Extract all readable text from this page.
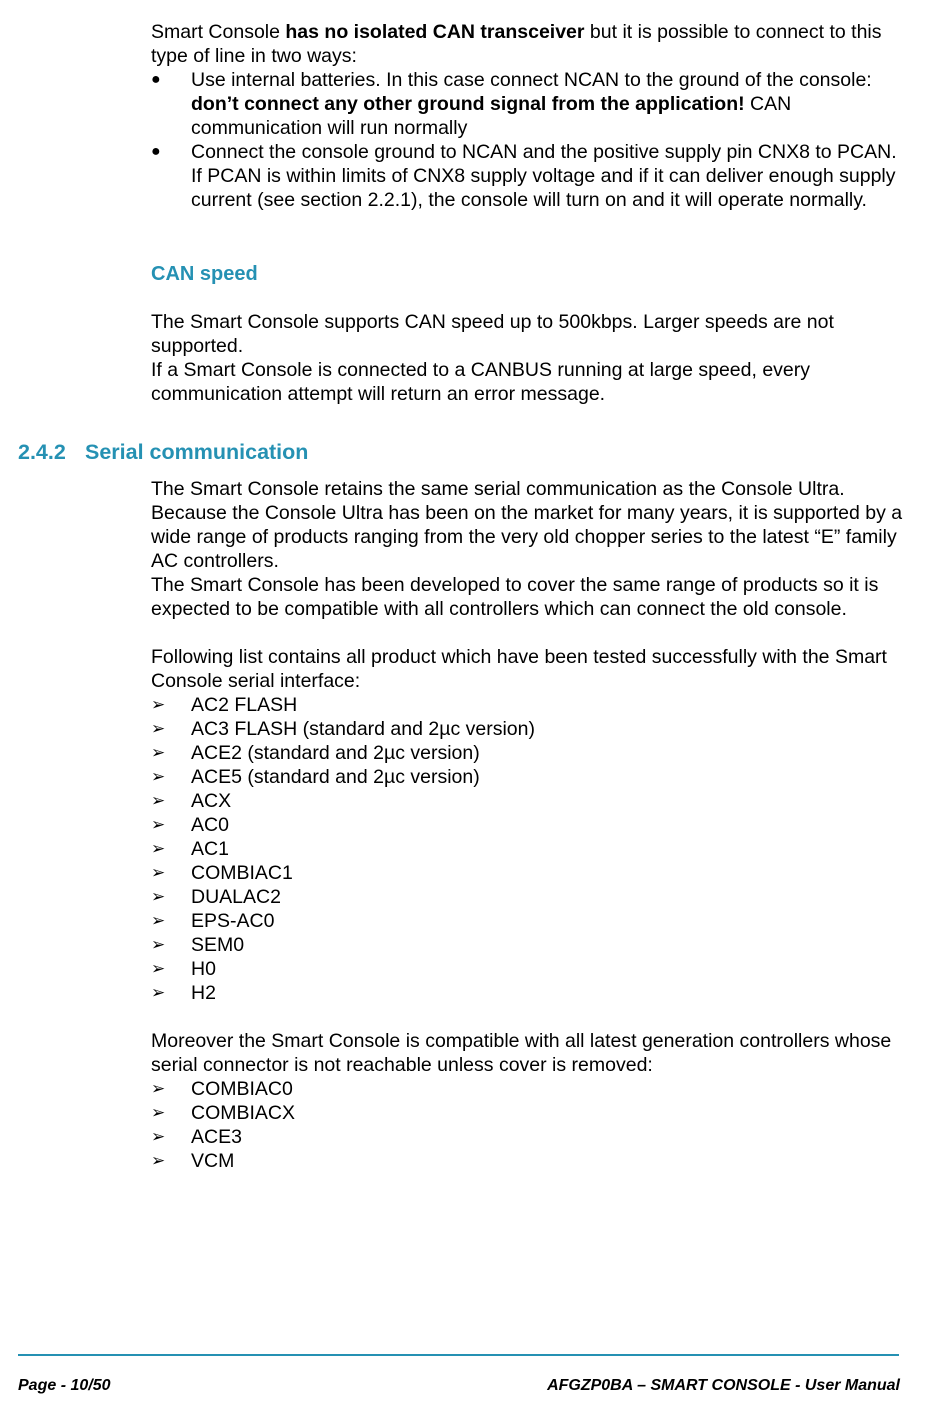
Smart Console has no isolated CAN transceiver but it is possible to connect to this type of line in two ways:

●	Use internal batteries. In this case connect NCAN to the ground of the console: don’t connect any other ground signal from the application! CAN communication will run normally
●	Connect the console ground to NCAN and the positive supply pin CNX8 to PCAN. If PCAN is within limits of CNX8 supply voltage and if it can deliver enough supply current (see section 2.2.1), the console will turn on and it will operate normally.

CAN speed

The Smart Console supports CAN speed up to 500kbps. Larger speeds are not supported.

If a Smart Console is connected to a CANBUS running at large speed, every communication attempt will return an error message.

2.4.2 Serial communication

The Smart Console retains the same serial communication as the Console Ultra. Because the Console Ultra has been on the market for many years, it is supported by a wide range of products ranging from the very old chopper series to the latest “E” family AC controllers.

The Smart Console has been developed to cover the same range of products so it is expected to be compatible with all controllers which can connect the old console.

Following list contains all product which have been tested successfully with the Smart Console serial interface:

➢	AC2 FLASH
➢	AC3 FLASH (standard and 2µc version)
➢	ACE2 (standard and 2µc version)
➢	ACE5 (standard and 2µc version)
➢	ACX
➢	AC0
➢	AC1
➢	COMBIAC1
➢	DUALAC2
➢	EPS-AC0
➢	SEM0
➢	H0
➢	H2

Moreover the Smart Console is compatible with all latest generation controllers whose serial connector is not reachable unless cover is removed:

➢	COMBIAC0
➢	COMBIACX
➢	ACE3
➢	VCM
Page - 10/50	AFGZP0BA – SMART CONSOLE - User Manual
